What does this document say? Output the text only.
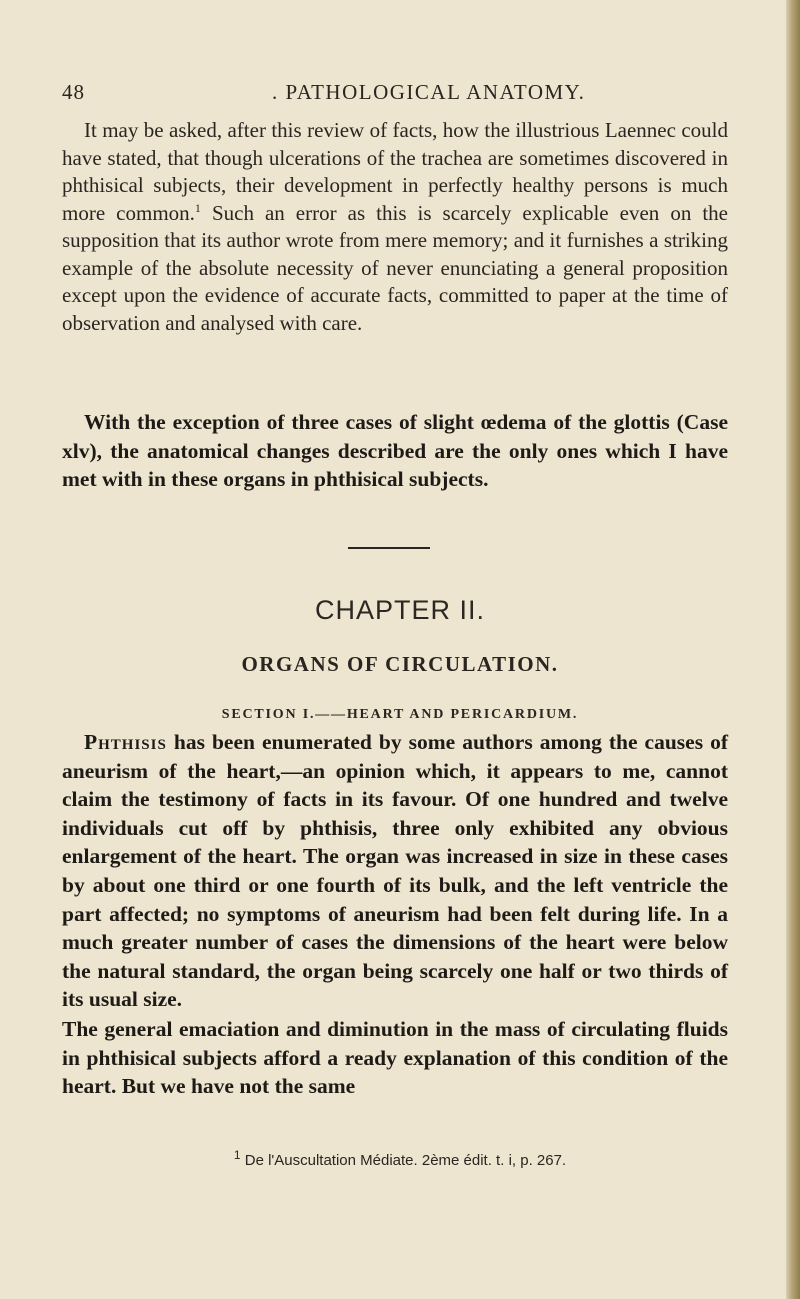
48	. PATHOLOGICAL ANATOMY.

It may be asked, after this review of facts, how the illustrious Laennec could have stated, that though ulcerations of the trachea are sometimes discovered in phthisical subjects, their development in perfectly healthy persons is much more common.$^1$ Such an error as this is scarcely explicable even on the supposition that its author wrote from mere memory; and it furnishes a striking example of the absolute necessity of never enunciating a general proposition except upon the evidence of accurate facts, committed to paper at the time of observation and analysed with care.

With the exception of three cases of slight œdema of the glottis (Case xlv), the anatomical changes described are the only ones which I have met with in these organs in phthisical subjects.

CHAPTER II.
ORGANS OF CIRCULATION.
SECTION I.——HEART AND PERICARDIUM.

Phthisis has been enumerated by some authors among the causes of aneurism of the heart,—an opinion which, it appears to me, cannot claim the testimony of facts in its favour. Of one hundred and twelve individuals cut off by phthisis, three only exhibited any obvious enlargement of the heart. The organ was increased in size in these cases by about one third or one fourth of its bulk, and the left ventricle the part affected; no symptoms of aneurism had been felt during life. In a much greater number of cases the dimensions of the heart were below the natural standard, the organ being scarcely one half or two thirds of its usual size.

The general emaciation and diminution in the mass of circulating fluids in phthisical subjects afford a ready explanation of this condition of the heart. But we have not the same

$^1$ De l'Auscultation Médiate. 2ème édit. t. i, p. 267.
